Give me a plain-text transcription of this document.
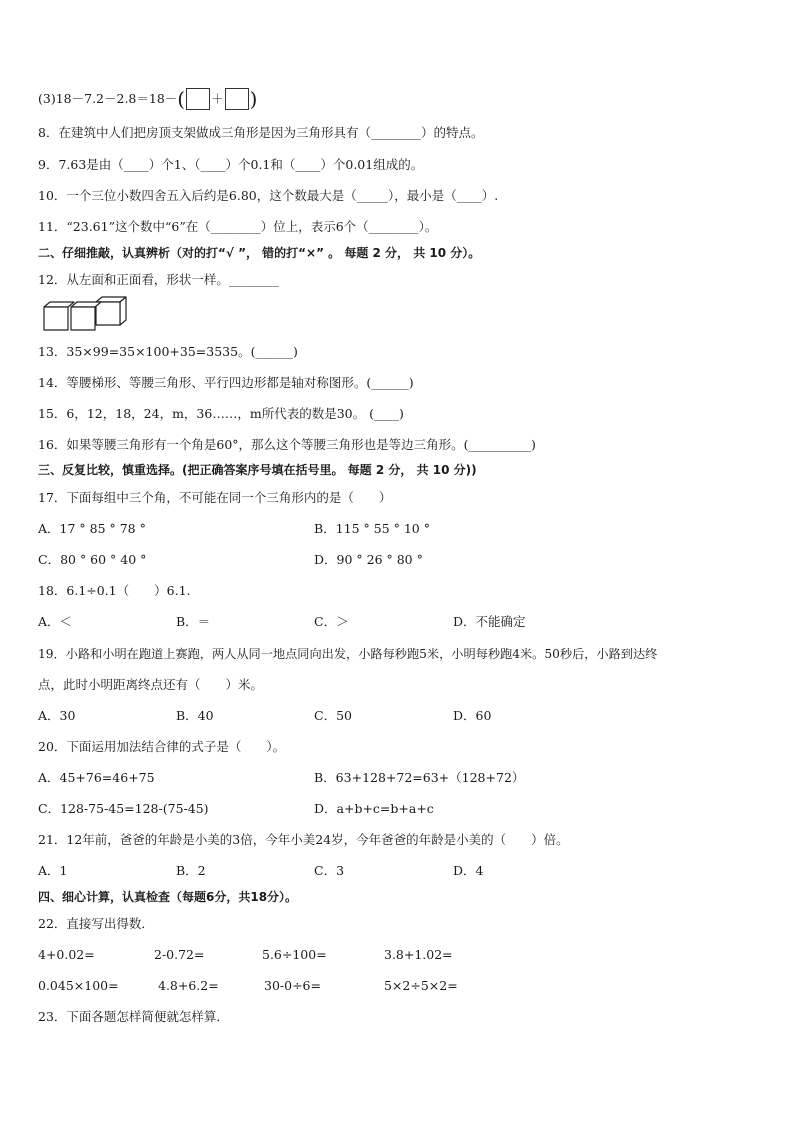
(3)18－7.2－2.8＝18－( ＋ )
8．在建筑中人们把房顶支架做成三角形是因为三角形具有（________）的特点。
9．7.63是由（____）个1、（____）个0.1和（____）个0.01组成的。
10．一个三位小数四舍五入后约是6.80，这个数最大是（_____），最小是（____）.
11．“23.61”这个数中“6”在（________）位上，表示6个（________）。
二、仔细推敲，认真辨析（对的打“√ ”， 错的打“×” 。 每题 2 分， 共 10 分）。
12．从左面和正面看，形状一样。________
13．35×99=35×100+35=3535。(______)
14．等腰梯形、等腰三角形、平行四边形都是轴对称图形。(______)
15．6，12，18，24，m，36……，m所代表的数是30。 (____)
16．如果等腰三角形有一个角是60°，那么这个等腰三角形也是等边三角形。(__________)
三、反复比较，慎重选择。(把正确答案序号填在括号里。 每题 2 分， 共 10 分))
17．下面每组中三个角，不可能在同一个三角形内的是（　　）
A．17 ° 85 ° 78 °	B．115 ° 55 ° 10 °
C．80 ° 60 ° 40 °	D．90 ° 26 ° 80 °
18．6.1÷0.1（　　）6.1.
A．＜	B．＝	C．＞	D．不能确定
19．小路和小明在跑道上赛跑，两人从同一地点同向出发，小路每秒跑5米，小明每秒跑4米。50秒后，小路到达终
点，此时小明距离终点还有（　　）米。
A．30	B．40	C．50	D．60
20．下面运用加法结合律的式子是（　　）。
A．45+76=46+75	B．63+128+72=63+（128+72）
C．128-75-45=128-(75-45)	D．a+b+c=b+a+c
21．12年前，爸爸的年龄是小美的3倍，今年小美24岁，今年爸爸的年龄是小美的（　　）倍。
A．1	B．2	C．3	D．4
四、细心计算，认真检查（每题6分，共18分）。
22．直接写出得数．
4+0.02=	2-0.72=	5.6÷100=	3.8+1.02=
0.045×100=	4.8+6.2=	30-0÷6=	5×2÷5×2=
23．下面各题怎样简便就怎样算．
